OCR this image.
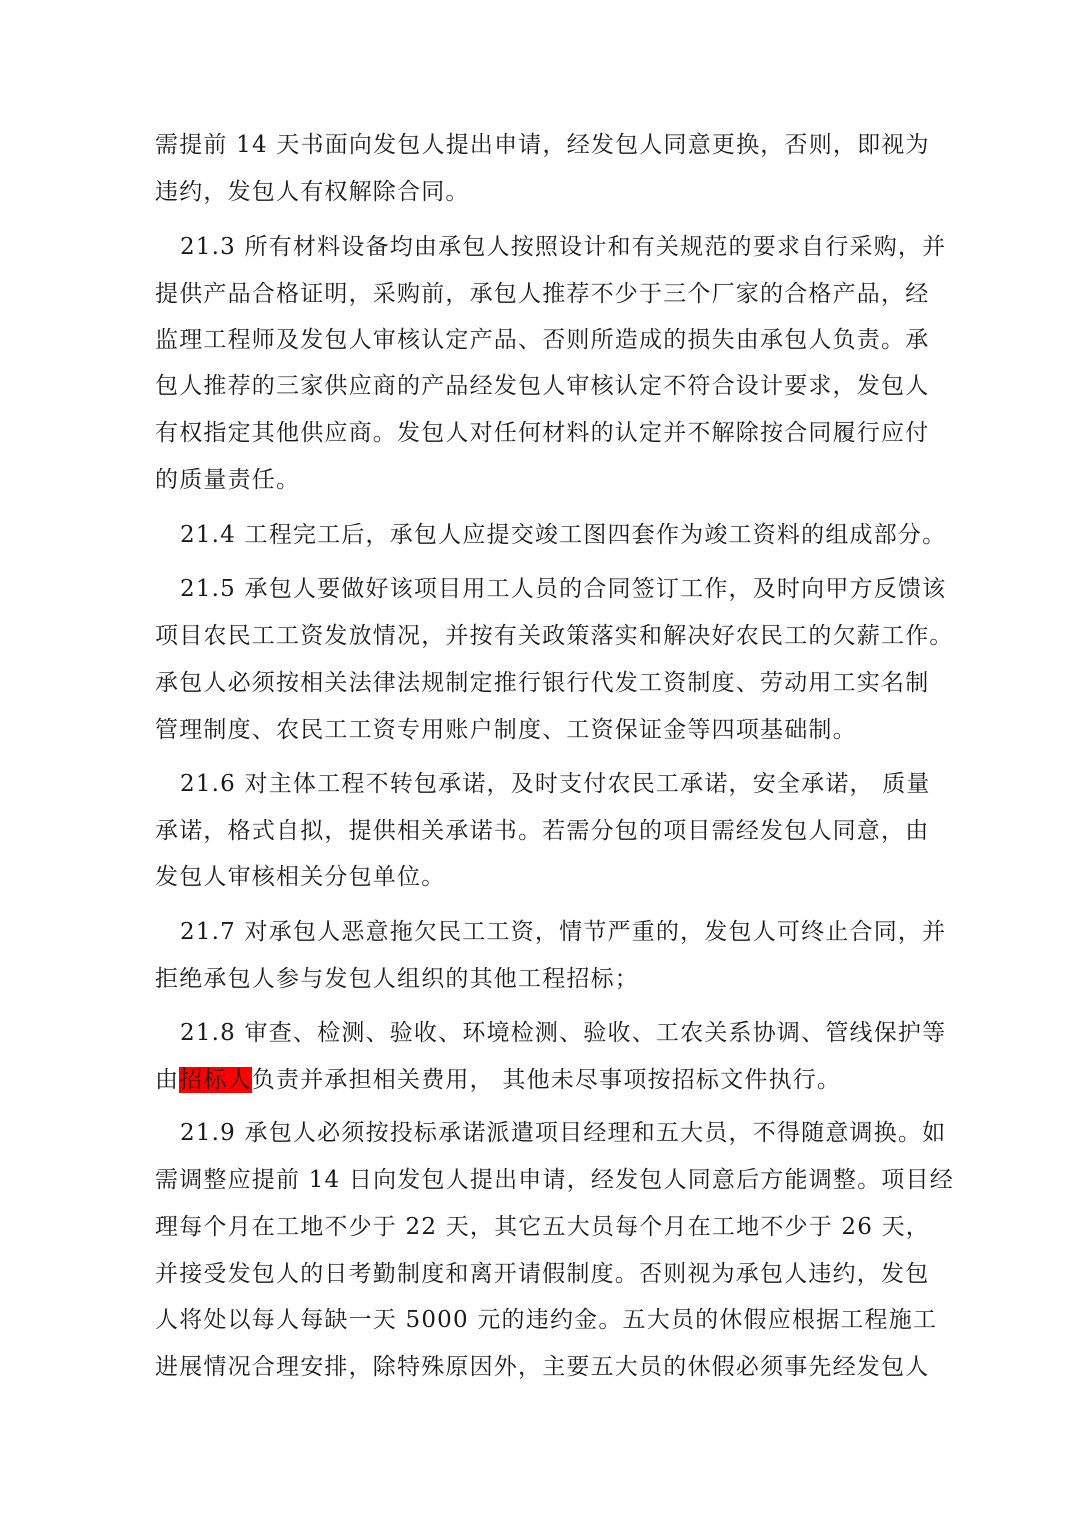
需提前 14 天书面向发包人提出申请，经发包人同意更换，否则，即视为
违约，发包人有权解除合同。
21.3 所有材料设备均由承包人按照设计和有关规范的要求自行采购，并
提供产品合格证明，采购前，承包人推荐不少于三个厂家的合格产品，经
监理工程师及发包人审核认定产品、否则所造成的损失由承包人负责。承
包人推荐的三家供应商的产品经发包人审核认定不符合设计要求，发包人
有权指定其他供应商。发包人对任何材料的认定并不解除按合同履行应付
的质量责任。
21.4 工程完工后，承包人应提交竣工图四套作为竣工资料的组成部分。
21.5 承包人要做好该项目用工人员的合同签订工作，及时向甲方反馈该
项目农民工工资发放情况，并按有关政策落实和解决好农民工的欠薪工作。
承包人必须按相关法律法规制定推行银行代发工资制度、劳动用工实名制
管理制度、农民工工资专用账户制度、工资保证金等四项基础制。
21.6 对主体工程不转包承诺，及时支付农民工承诺，安全承诺， 质量
承诺，格式自拟，提供相关承诺书。若需分包的项目需经发包人同意，由
发包人审核相关分包单位。
21.7 对承包人恶意拖欠民工工资，情节严重的，发包人可终止合同，并
拒绝承包人参与发包人组织的其他工程招标；
21.8 审查、检测、验收、环境检测、验收、工农关系协调、管线保护等
由招标人负责并承担相关费用， 其他未尽事项按招标文件执行。
21.9 承包人必须按投标承诺派遣项目经理和五大员，不得随意调换。如
需调整应提前 14 日向发包人提出申请，经发包人同意后方能调整。项目经
理每个月在工地不少于 22 天，其它五大员每个月在工地不少于 26 天，
并接受发包人的日考勤制度和离开请假制度。否则视为承包人违约，发包
人将处以每人每缺一天 5000 元的违约金。五大员的休假应根据工程施工
进展情况合理安排，除特殊原因外，主要五大员的休假必须事先经发包人
